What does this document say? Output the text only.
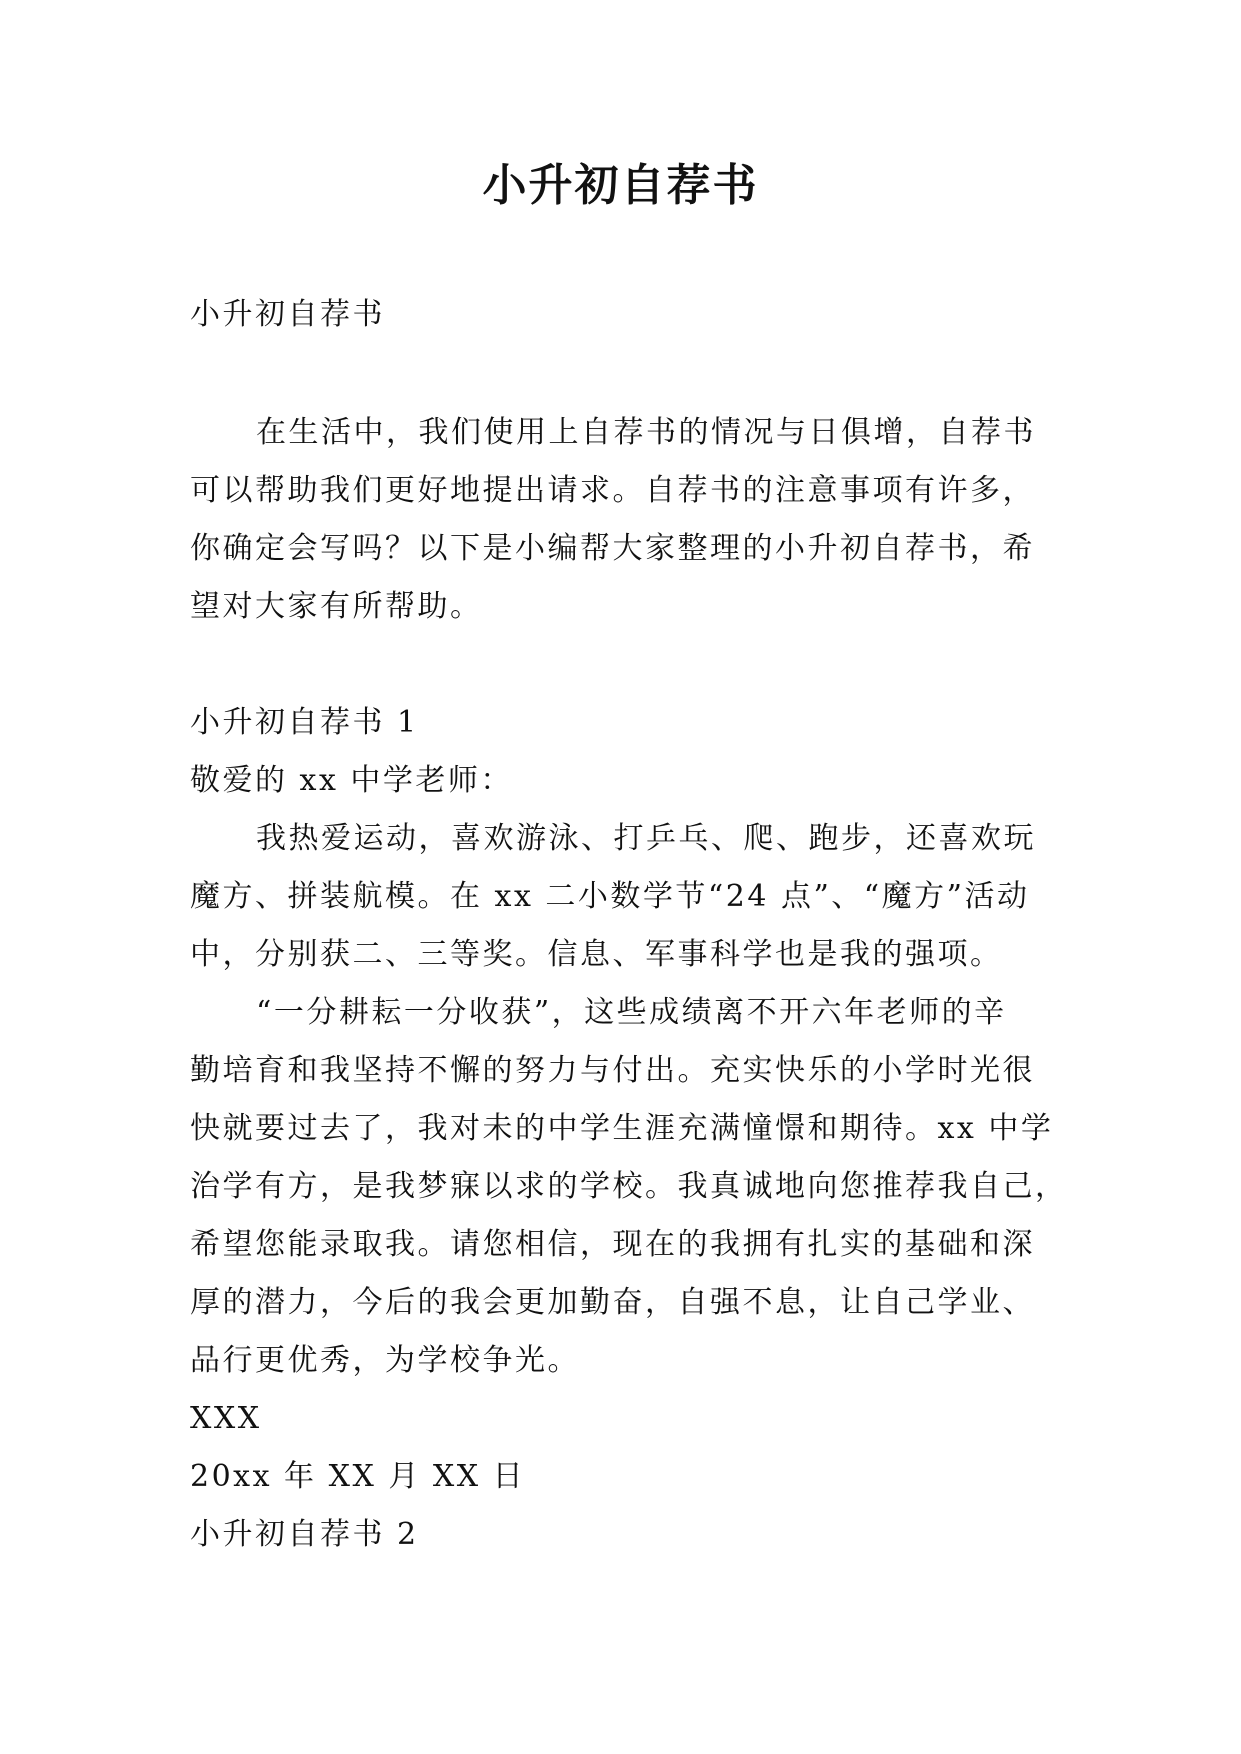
小升初自荐书

小升初自荐书

在生活中，我们使用上自荐书的情况与日俱增，自荐书

可以帮助我们更好地提出请求。自荐书的注意事项有许多，

你确定会写吗？以下是小编帮大家整理的小升初自荐书，希

望对大家有所帮助。

小升初自荐书 1

敬爱的 xx 中学老师：

我热爱运动，喜欢游泳、打乒乓、爬、跑步，还喜欢玩

魔方、拼装航模。在 xx 二小数学节“24 点”、“魔方”活动

中，分别获二、三等奖。信息、军事科学也是我的强项。

“一分耕耘一分收获”，这些成绩离不开六年老师的辛

勤培育和我坚持不懈的努力与付出。充实快乐的小学时光很

快就要过去了，我对未的中学生涯充满憧憬和期待。xx 中学

治学有方，是我梦寐以求的学校。我真诚地向您推荐我自己，

希望您能录取我。请您相信，现在的我拥有扎实的基础和深

厚的潜力，今后的我会更加勤奋，自强不息，让自己学业、

品行更优秀，为学校争光。

XXX

20xx 年 XX 月 XX 日

小升初自荐书 2
